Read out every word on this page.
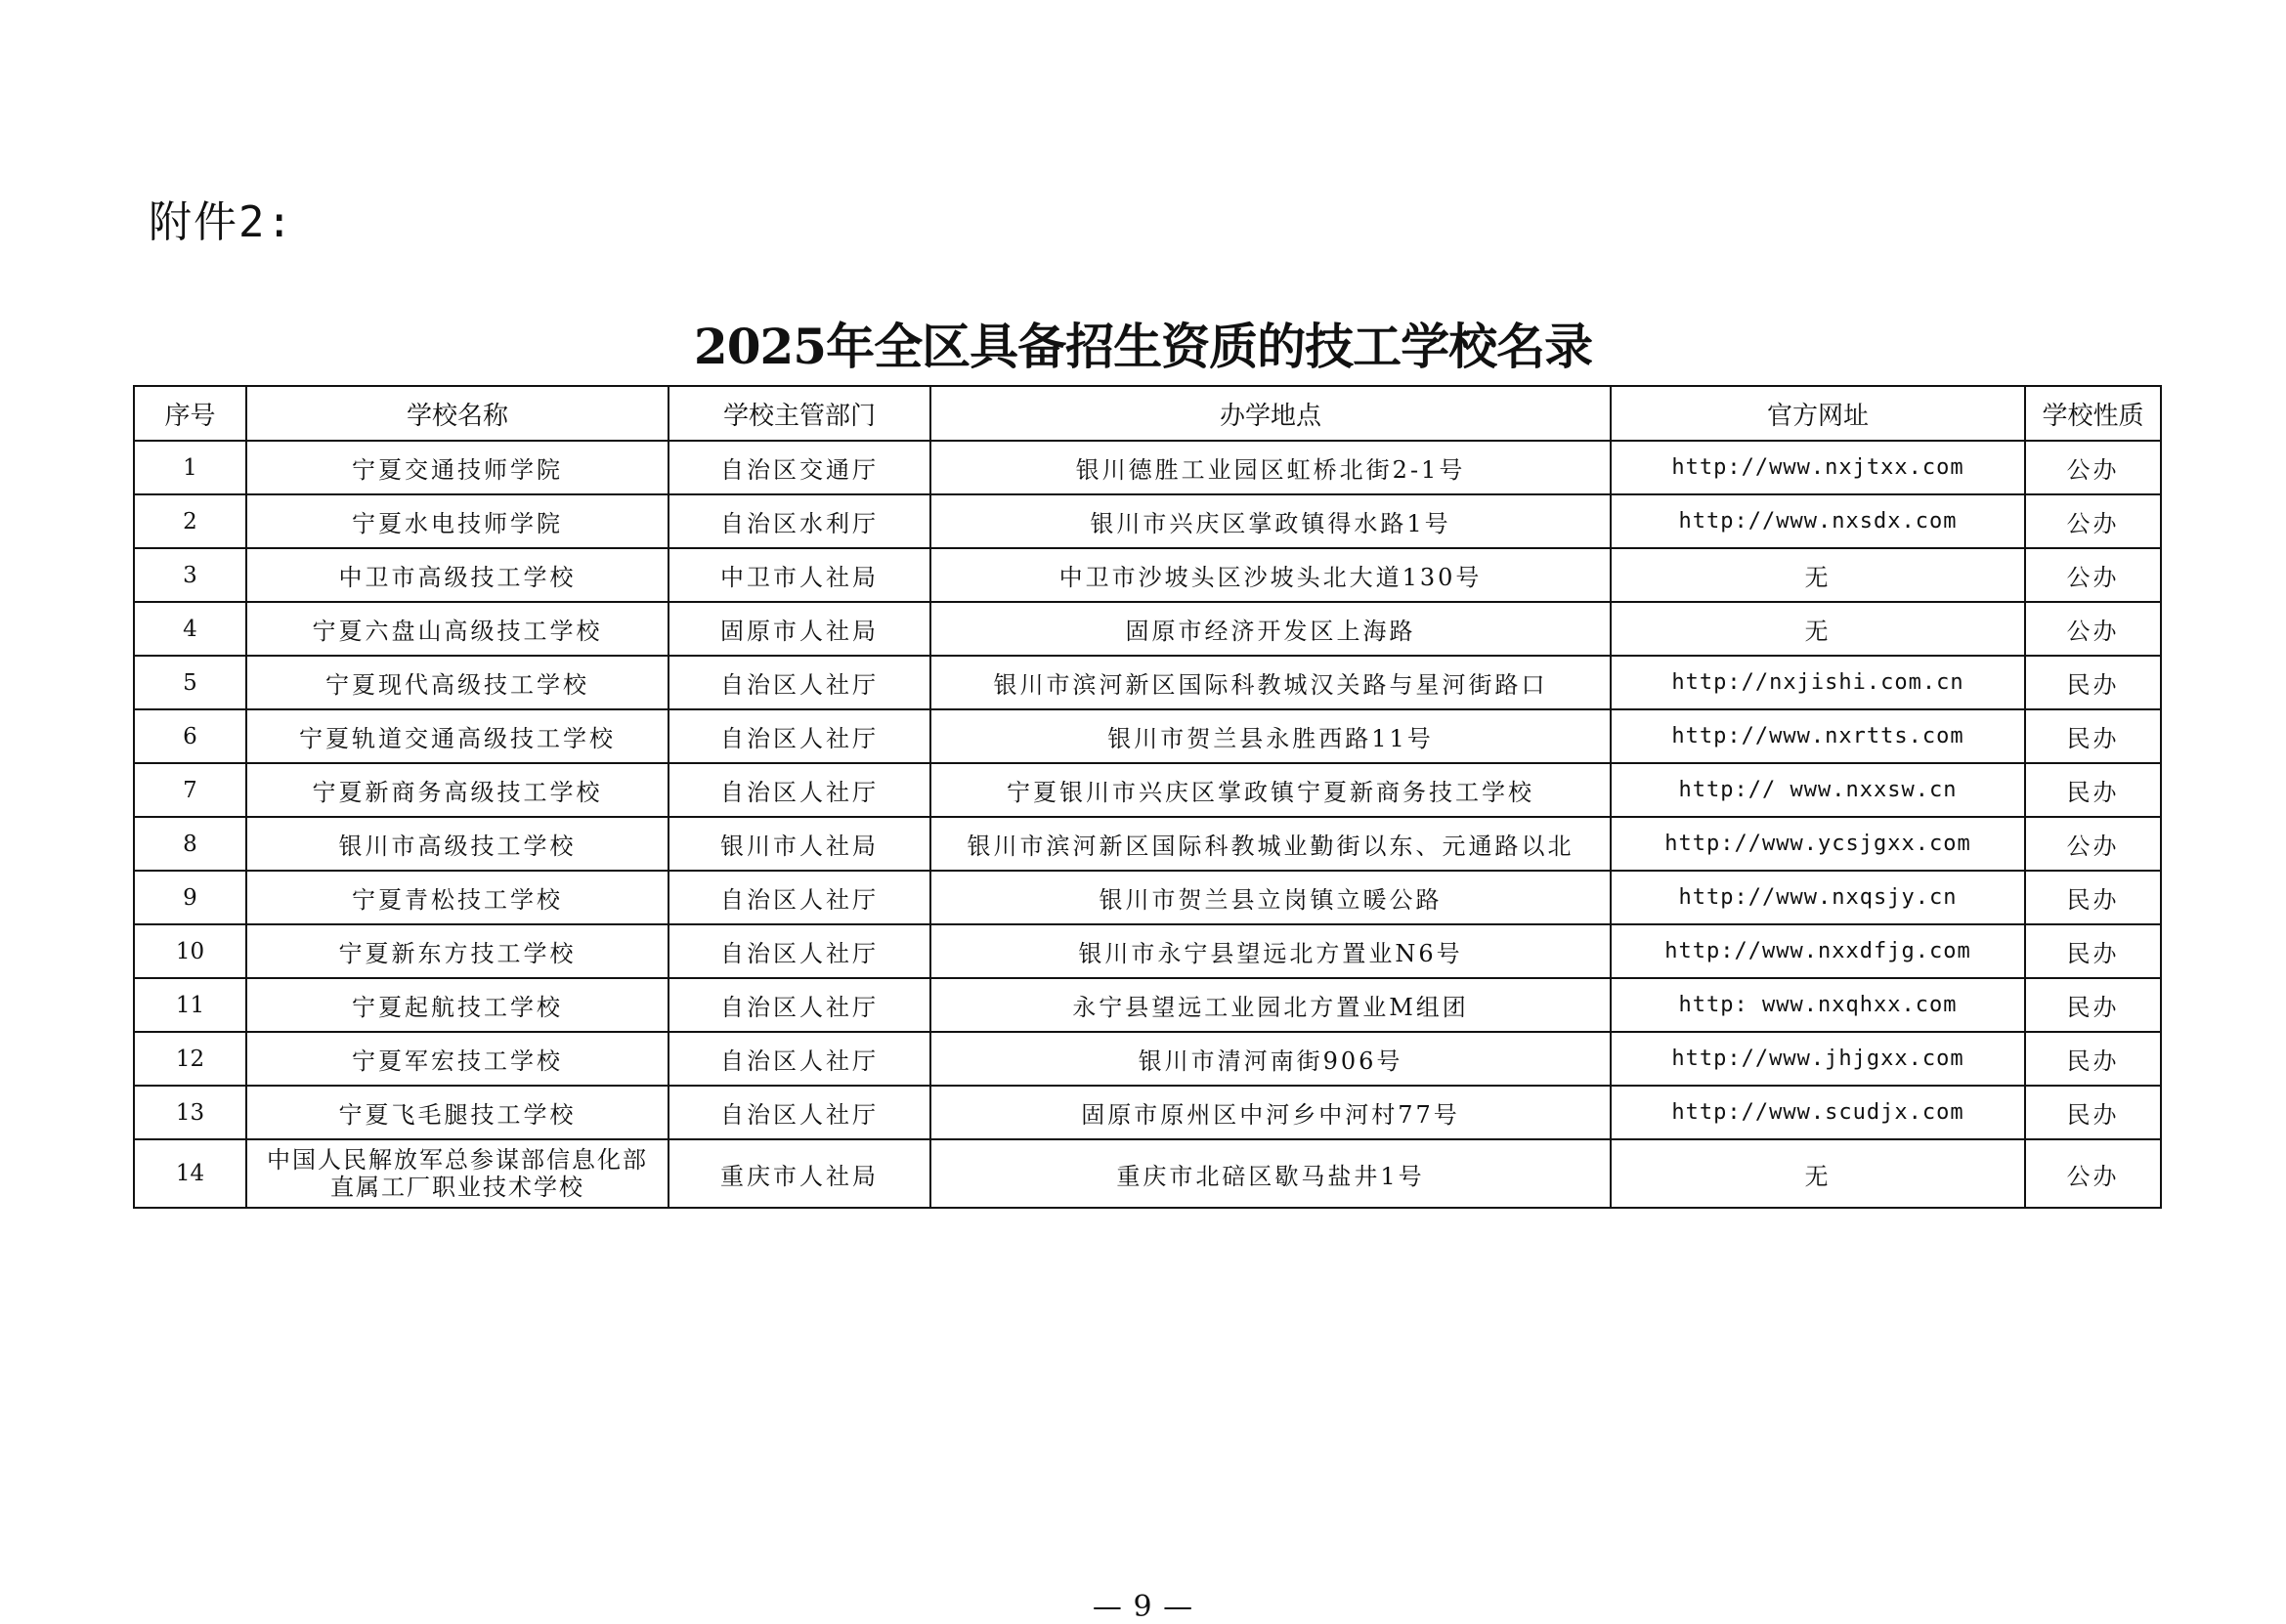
附件2:
2025年全区具备招生资质的技工学校名录
序号	学校名称	学校主管部门	办学地点	官方网址	学校性质
1	宁夏交通技师学院	自治区交通厅	银川德胜工业园区虹桥北街2-1号	http://www.nxjtxx.com	公办
2	宁夏水电技师学院	自治区水利厅	银川市兴庆区掌政镇得水路1号	http://www.nxsdx.com	公办
3	中卫市高级技工学校	中卫市人社局	中卫市沙坡头区沙坡头北大道130号	无	公办
4	宁夏六盘山高级技工学校	固原市人社局	固原市经济开发区上海路	无	公办
5	宁夏现代高级技工学校	自治区人社厅	银川市滨河新区国际科教城汉关路与星河街路口	http://nxjishi.com.cn	民办
6	宁夏轨道交通高级技工学校	自治区人社厅	银川市贺兰县永胜西路11号	http://www.nxrtts.com	民办
7	宁夏新商务高级技工学校	自治区人社厅	宁夏银川市兴庆区掌政镇宁夏新商务技工学校	http:// www.nxxsw.cn	民办
8	银川市高级技工学校	银川市人社局	银川市滨河新区国际科教城业勤街以东、元通路以北	http://www.ycsjgxx.com	公办
9	宁夏青松技工学校	自治区人社厅	银川市贺兰县立岗镇立暖公路	http://www.nxqsjy.cn	民办
10	宁夏新东方技工学校	自治区人社厅	银川市永宁县望远北方置业N6号	http://www.nxxdfjg.com	民办
11	宁夏起航技工学校	自治区人社厅	永宁县望远工业园北方置业M组团	http: www.nxqhxx.com	民办
12	宁夏军宏技工学校	自治区人社厅	银川市清河南街906号	http://www.jhjgxx.com	民办
13	宁夏飞毛腿技工学校	自治区人社厅	固原市原州区中河乡中河村77号	http://www.scudjx.com	民办
14	中国人民解放军总参谋部信息化部直属工厂职业技术学校	重庆市人社局	重庆市北碚区歇马盐井1号	无	公办
— 9 —
